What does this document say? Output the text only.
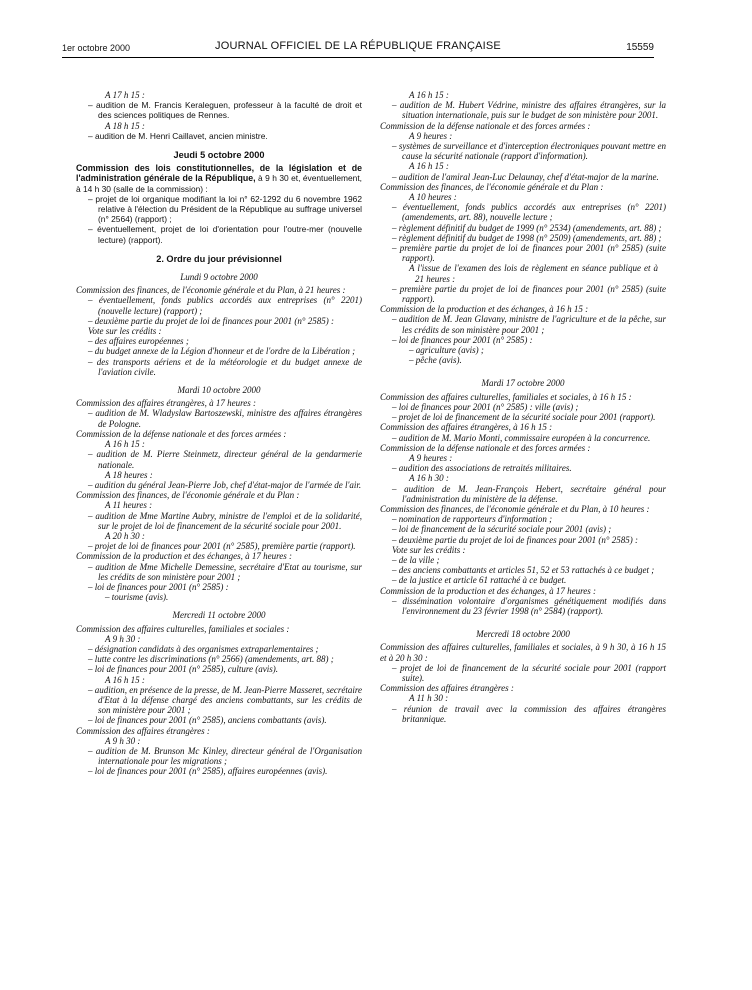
1er octobre 2000	JOURNAL OFFICIEL DE LA RÉPUBLIQUE FRANÇAISE	15559
A 17 h 15 :
– audition de M. Francis Keraleguen, professeur à la faculté de droit et des sciences politiques de Rennes.
A 18 h 15 :
– audition de M. Henri Caillavet, ancien ministre.
Jeudi 5 octobre 2000
Commission des lois constitutionnelles, de la législation et de l'administration générale de la République, à 9 h 30 et, éventuellement, à 14 h 30 (salle de la commission) :
– projet de loi organique modifiant la loi n° 62-1292 du 6 novembre 1962 relative à l'élection du Président de la République au suffrage universel (n° 2564) (rapport) ;
– éventuellement, projet de loi d'orientation pour l'outre-mer (nouvelle lecture) (rapport).
2. Ordre du jour prévisionnel
Lundi 9 octobre 2000
Commission des finances, de l'économie générale et du Plan, à 21 heures :
– éventuellement, fonds publics accordés aux entreprises (n° 2201) (nouvelle lecture) (rapport) ;
– deuxième partie du projet de loi de finances pour 2001 (n° 2585) :
Vote sur les crédits :
– des affaires européennes ;
– du budget annexe de la Légion d'honneur et de l'ordre de la Libération ;
– des transports aériens et de la météorologie et du budget annexe de l'aviation civile.
Mardi 10 octobre 2000
Commission des affaires étrangères, à 17 heures :
– audition de M. Wladyslaw Bartoszewski, ministre des affaires étrangères de Pologne.
Commission de la défense nationale et des forces armées :
A 16 h 15 :
– audition de M. Pierre Steinmetz, directeur général de la gendarmerie nationale.
A 18 heures :
– audition du général Jean-Pierre Job, chef d'état-major de l'armée de l'air.
Commission des finances, de l'économie générale et du Plan :
A 11 heures :
– audition de Mme Martine Aubry, ministre de l'emploi et de la solidarité, sur le projet de loi de financement de la sécurité sociale pour 2001.
A 20 h 30 :
– projet de loi de finances pour 2001 (n° 2585), première partie (rapport).
Commission de la production et des échanges, à 17 heures :
– audition de Mme Michelle Demessine, secrétaire d'Etat au tourisme, sur les crédits de son ministère pour 2001 ;
– loi de finances pour 2001 (n° 2585) :
– tourisme (avis).
Mercredi 11 octobre 2000
Commission des affaires culturelles, familiales et sociales :
A 9 h 30 :
– désignation candidats à des organismes extraparlementaires ;
– lutte contre les discriminations (n° 2566) (amendements, art. 88) ;
– loi de finances pour 2001 (n° 2585), culture (avis).
A 16 h 15 :
– audition, en présence de la presse, de M. Jean-Pierre Masseret, secrétaire d'Etat à la défense chargé des anciens combattants, sur les crédits de son ministère pour 2001 ;
– loi de finances pour 2001 (n° 2585), anciens combattants (avis).
Commission des affaires étrangères :
A 9 h 30 :
– audition de M. Brunson Mc Kinley, directeur général de l'Organisation internationale pour les migrations ;
– loi de finances pour 2001 (n° 2585), affaires européennes (avis).
A 16 h 15 :
– audition de M. Hubert Védrine, ministre des affaires étrangères, sur la situation internationale, puis sur le budget de son ministère pour 2001.
Commission de la défense nationale et des forces armées :
A 9 heures :
– systèmes de surveillance et d'interception électroniques pouvant mettre en cause la sécurité nationale (rapport d'information).
A 16 h 15 :
– audition de l'amiral Jean-Luc Delaunay, chef d'état-major de la marine.
Commission des finances, de l'économie générale et du Plan :
A 10 heures :
– éventuellement, fonds publics accordés aux entreprises (n° 2201) (amendements, art. 88), nouvelle lecture ;
– règlement définitif du budget de 1999 (n° 2534) (amendements, art. 88) ;
– règlement définitif du budget de 1998 (n° 2509) (amendements, art. 88) ;
– première partie du projet de loi de finances pour 2001 (n° 2585) (suite rapport).
A l'issue de l'examen des lois de règlement en séance publique et à 21 heures :
– première partie du projet de loi de finances pour 2001 (n° 2585) (suite rapport).
Commission de la production et des échanges, à 16 h 15 :
– audition de M. Jean Glavany, ministre de l'agriculture et de la pêche, sur les crédits de son ministère pour 2001 ;
– loi de finances pour 2001 (n° 2585) :
– agriculture (avis) ;
– pêche (avis).
Mardi 17 octobre 2000
Commission des affaires culturelles, familiales et sociales, à 16 h 15 :
– loi de finances pour 2001 (n° 2585) : ville (avis) ;
– projet de loi de financement de la sécurité sociale pour 2001 (rapport).
Commission des affaires étrangères, à 16 h 15 :
– audition de M. Mario Monti, commissaire européen à la concurrence.
Commission de la défense nationale et des forces armées :
A 9 heures :
– audition des associations de retraités militaires.
A 16 h 30 :
– audition de M. Jean-François Hebert, secrétaire général pour l'administration du ministère de la défense.
Commission des finances, de l'économie générale et du Plan, à 10 heures :
– nomination de rapporteurs d'information ;
– loi de financement de la sécurité sociale pour 2001 (avis) ;
– deuxième partie du projet de loi de finances pour 2001 (n° 2585) :
Vote sur les crédits :
– de la ville ;
– des anciens combattants et articles 51, 52 et 53 rattachés à ce budget ;
– de la justice et article 61 rattaché à ce budget.
Commission de la production et des échanges, à 17 heures :
– dissémination volontaire d'organismes génétiquement modifiés dans l'environnement du 23 février 1998 (n° 2584) (rapport).
Mercredi 18 octobre 2000
Commission des affaires culturelles, familiales et sociales, à 9 h 30, à 16 h 15 et à 20 h 30 :
– projet de loi de financement de la sécurité sociale pour 2001 (rapport suite).
Commission des affaires étrangères :
A 11 h 30 :
– réunion de travail avec la commission des affaires étrangères britannique.
